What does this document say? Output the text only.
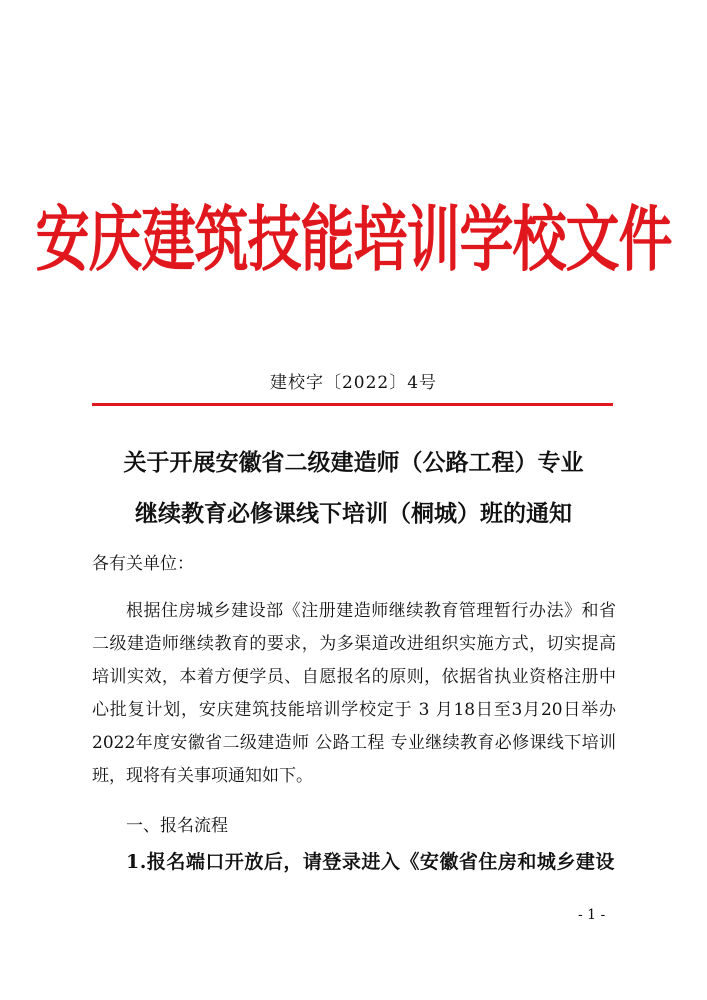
安庆建筑技能培训学校文件
建校字〔2022〕4号
关于开展安徽省二级建造师（公路工程）专业
继续教育必修课线下培训（桐城）班的通知
各有关单位：

根据住房城乡建设部《注册建造师继续教育管理暂行办法》和省二级建造师继续教育的要求，为多渠道改进组织实施方式，切实提高培训实效，本着方便学员、自愿报名的原则，依据省执业资格注册中心批复计划，安庆建筑技能培训学校定于 3 月18日至3月20日举办2022年度安徽省二级建造师 公路工程 专业继续教育必修课线下培训班，现将有关事项通知如下。

一、报名流程
1.报名端口开放后，请登录进入《安徽省住房和城乡建设
- 1 -
